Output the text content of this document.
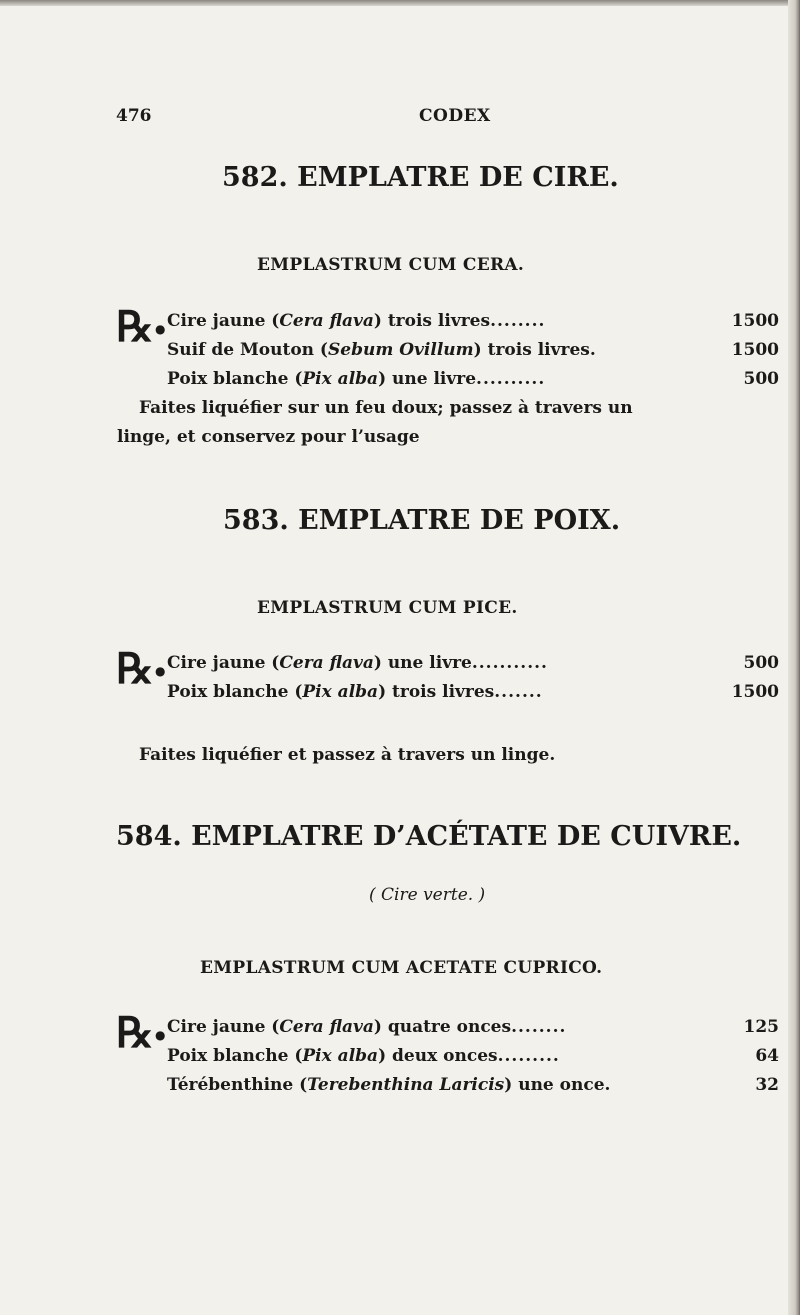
476	CODEX
582. EMPLATRE DE CIRE.
EMPLASTRUM CUM CERA.
℞ ● Cire jaune (Cera flava) trois livres........	1500
Suif de Mouton (Sebum Ovillum) trois livres.	1500
Poix blanche (Pix alba) une livre..........	500
Faites liquéfier sur un feu doux; passez à travers un
linge, et conservez pour l’usage
583. EMPLATRE DE POIX.
EMPLASTRUM CUM PICE.
℞ ● Cire jaune (Cera flava) une livre...........	500
Poix blanche (Pix alba) trois livres.......	1500
Faites liquéfier et passez à travers un linge.
584. EMPLATRE D’ACÉTATE DE CUIVRE.
( Cire verte. )
EMPLASTRUM CUM ACETATE CUPRICO.
℞ ● Cire jaune (Cera flava) quatre onces........	125
Poix blanche (Pix alba) deux onces.........	64
Térébenthine (Terebenthina Laricis) une once.	32
